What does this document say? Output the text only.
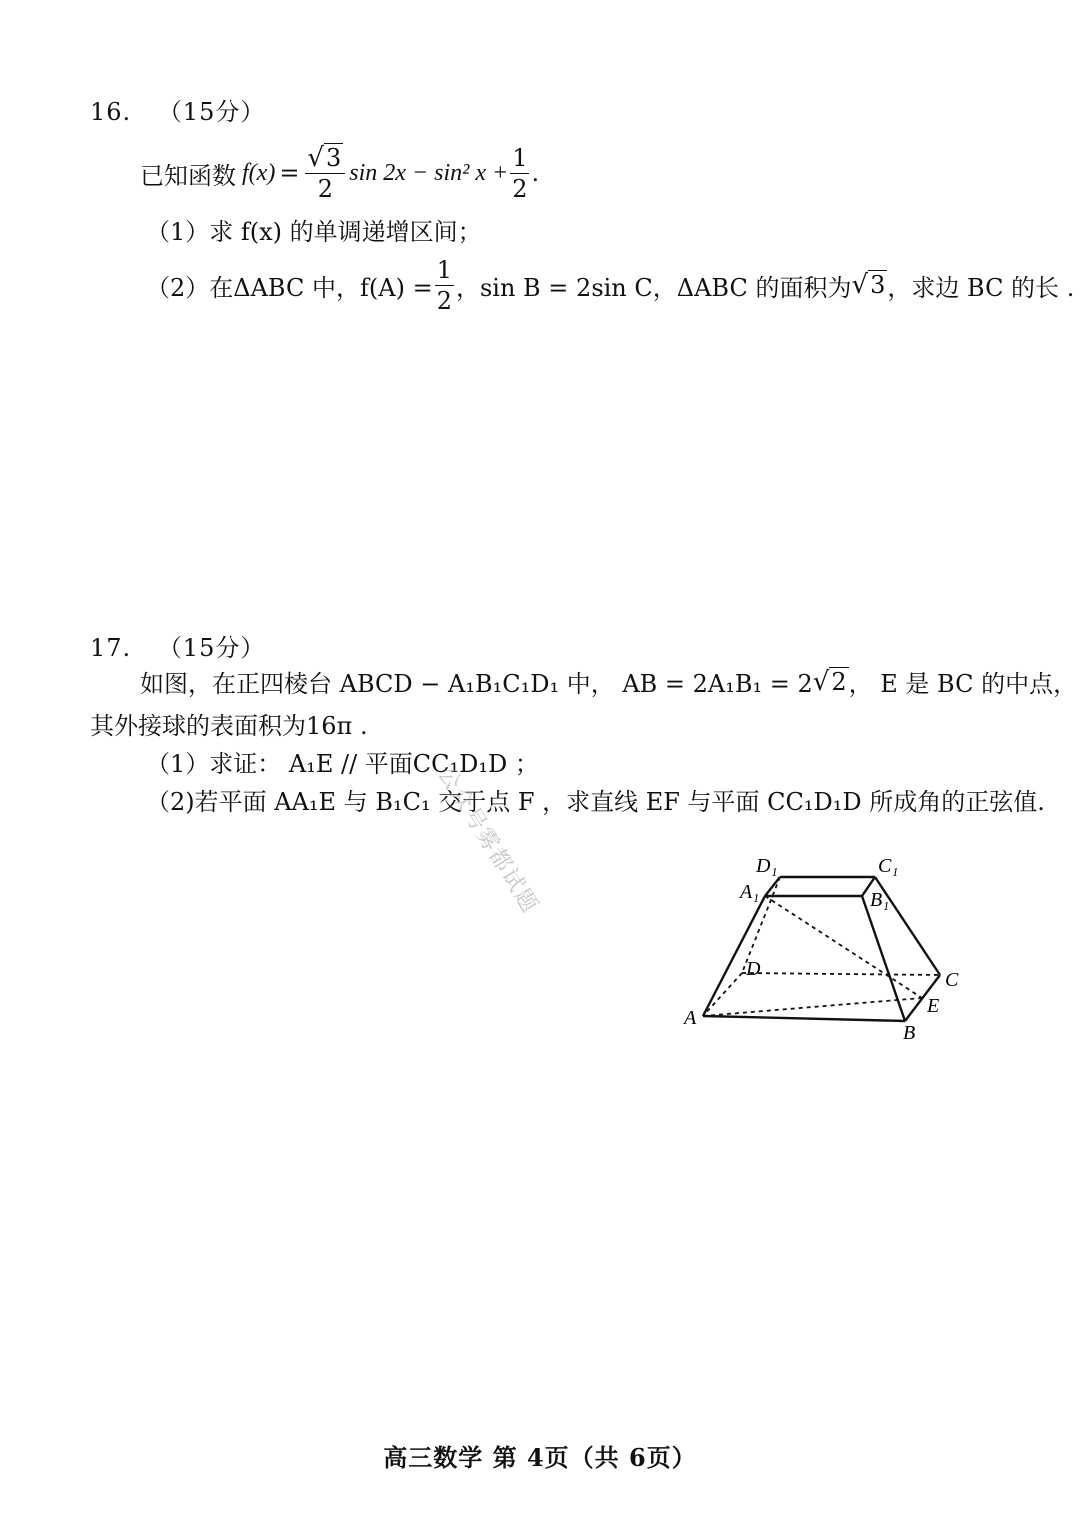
16. （15分）
已知函数 $f(x) = \frac{√3}{2}$ sin 2x − sin² $x + \frac{1}{2}$ .
（1）求 f(x) 的单调递增区间；
（2）在ΔABC 中，$f(A) = \frac{1}{2}$ ，sin B = 2sin C，ΔABC 的面积为 √3 ，求边 BC 的长 .
17. （15分）
如图，在正四棱台 ABCD − A₁B₁C₁D₁ 中， AB = 2A₁B₁ = 2 √2 ， E 是 BC 的中点，
其外接球的表面积为16π .
（1）求证： A₁E // 平面CC₁D₁D ；
（2)若平面 AA₁E 与 B₁C₁ 交于点 F ，求直线 EF 与平面 CC₁D₁D 所成角的正弦值.
公众号雾都试题	D₁	C₁
A₁	B₁
D	C
E
A
B
高三数学 第 4页（共 6页）
